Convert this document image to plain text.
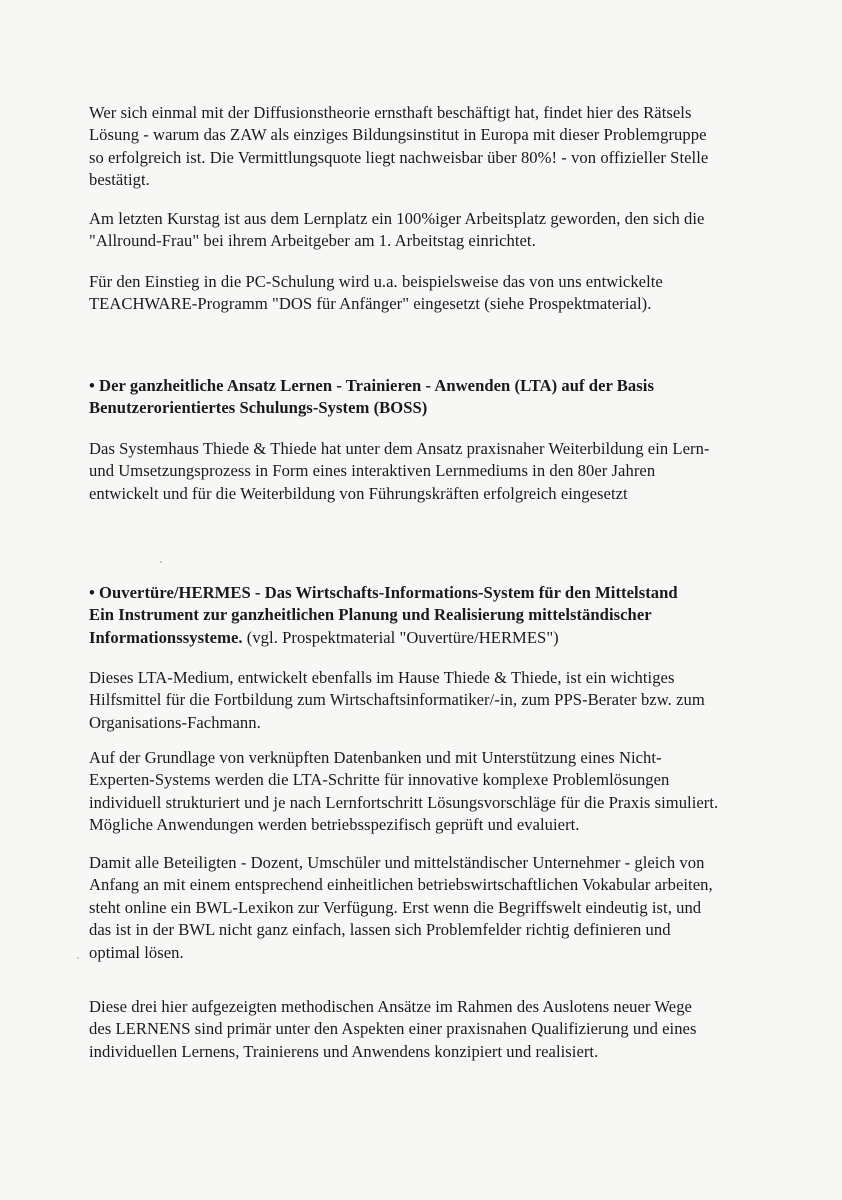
Wer sich einmal mit der Diffusionstheorie ernsthaft beschäftigt hat, findet hier des Rätsels
Lösung - warum das ZAW als einziges Bildungsinstitut in Europa mit dieser Problemgruppe
so erfolgreich ist. Die Vermittlungsquote liegt nachweisbar über 80%! - von offizieller Stelle
bestätigt.

Am letzten Kurstag ist aus dem Lernplatz ein 100%iger Arbeitsplatz geworden, den sich die
"Allround-Frau" bei ihrem Arbeitgeber am 1. Arbeitstag einrichtet.

Für den Einstieg in die PC-Schulung wird u.a. beispielsweise das von uns entwickelte
TEACHWARE-Programm "DOS für Anfänger" eingesetzt (siehe Prospektmaterial).

• Der ganzheitliche Ansatz Lernen - Trainieren - Anwenden (LTA) auf der Basis
Benutzerorientiertes Schulungs-System (BOSS)

Das Systemhaus Thiede & Thiede hat unter dem Ansatz praxisnaher Weiterbildung ein Lern-
und Umsetzungsprozess in Form eines interaktiven Lernmediums in den 80er Jahren
entwickelt und für die Weiterbildung von Führungskräften erfolgreich eingesetzt

• Ouvertüre/HERMES - Das Wirtschafts-Informations-System für den Mittelstand
Ein Instrument zur ganzheitlichen Planung und Realisierung mittelständischer
Informationssysteme. (vgl. Prospektmaterial "Ouvertüre/HERMES")

Dieses LTA-Medium, entwickelt ebenfalls im Hause Thiede & Thiede, ist ein wichtiges
Hilfsmittel für die Fortbildung zum Wirtschaftsinformatiker/-in, zum PPS-Berater bzw. zum
Organisations-Fachmann.

Auf der Grundlage von verknüpften Datenbanken und mit Unterstützung eines Nicht-
Experten-Systems werden die LTA-Schritte für innovative komplexe Problemlösungen
individuell strukturiert und je nach Lernfortschritt Lösungsvorschläge für die Praxis simuliert.
Mögliche Anwendungen werden betriebsspezifisch geprüft und evaluiert.

Damit alle Beteiligten - Dozent, Umschüler und mittelständischer Unternehmer - gleich von
Anfang an mit einem entsprechend einheitlichen betriebswirtschaftlichen Vokabular arbeiten,
steht online ein BWL-Lexikon zur Verfügung. Erst wenn die Begriffswelt eindeutig ist, und
das ist in der BWL nicht ganz einfach, lassen sich Problemfelder richtig definieren und
optimal lösen.

Diese drei hier aufgezeigten methodischen Ansätze im Rahmen des Auslotens neuer Wege
des LERNENS sind primär unter den Aspekten einer praxisnahen Qualifizierung und eines
individuellen Lernens, Trainierens und Anwendens konzipiert und realisiert.
